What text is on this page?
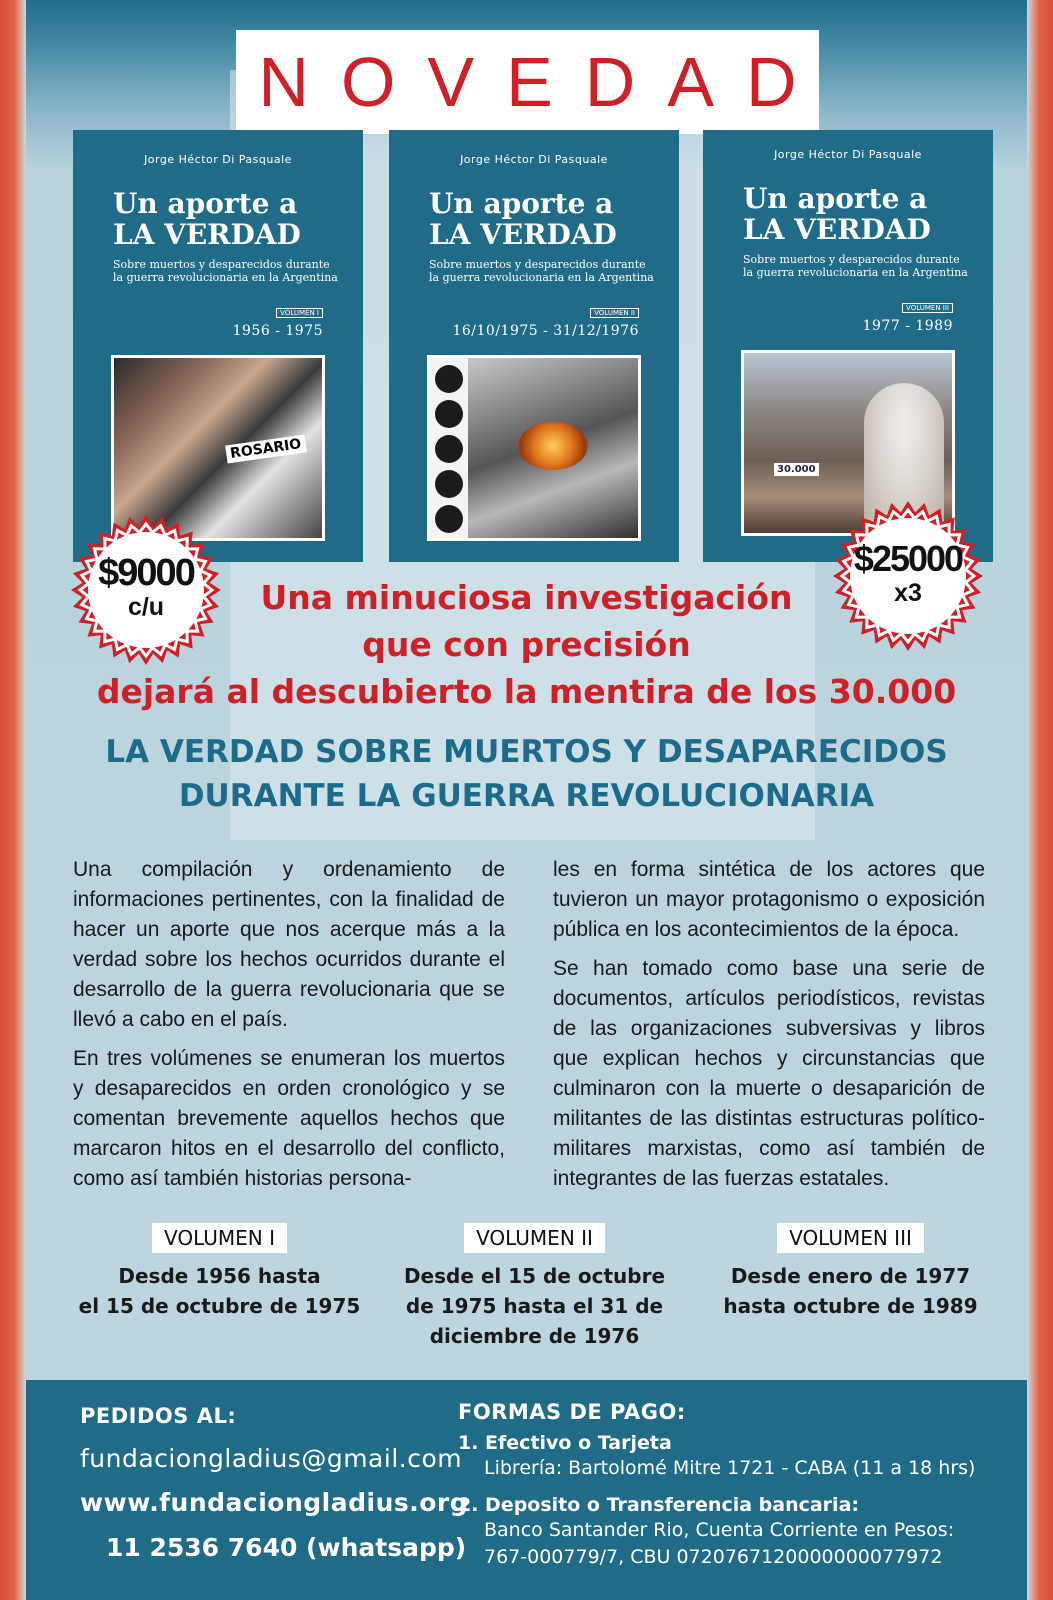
NOVEDAD
Jorge Héctor Di Pasquale
Un aporte a
LA VERDAD
Sobre muertos y desparecidos durante
la guerra revolucionaria en la Argentina
VOLUMEN I
1956 - 1975
ROSARIO
Jorge Héctor Di Pasquale
Un aporte a
LA VERDAD
Sobre muertos y desparecidos durante
la guerra revolucionaria en la Argentina
VOLUMEN II
16/10/1975 - 31/12/1976
Jorge Héctor Di Pasquale
Un aporte a
LA VERDAD
Sobre muertos y desparecidos durante
la guerra revolucionaria en la Argentina
VOLUMEN III
1977 - 1989
30.000
$9000
c/u
$25000
x3
Una minuciosa investigación
que con precisión
dejará al descubierto la mentira de los 30.000
LA VERDAD SOBRE MUERTOS Y DESAPARECIDOS
DURANTE LA GUERRA REVOLUCIONARIA

Una compilación y ordenamiento de informaciones pertinentes, con la finalidad de hacer un aporte que nos acerque más a la verdad sobre los hechos ocurridos durante el desarrollo de la guerra revolucionaria que se llevó a cabo en el país.

En tres volúmenes se enumeran los muertos y desaparecidos en orden cronológico y se comentan brevemente aquellos hechos que marcaron hitos en el desarrollo del conflicto, como así también historias persona-

les en forma sintética de los actores que tuvieron un mayor protagonismo o exposición pública en los acontecimientos de la época.

Se han tomado como base una serie de documentos, artículos periodísticos, revistas de las organizaciones subversivas y libros que explican hechos y circunstancias que culminaron con la muerte o desaparición de militantes de las distintas estructuras político-militares marxistas, como así también de integrantes de las fuerzas estatales.

VOLUMEN I
Desde 1956 hasta
el 15 de octubre de 1975
VOLUMEN II
Desde el 15 de octubre
de 1975 hasta el 31 de
diciembre de 1976
VOLUMEN III
Desde enero de 1977
hasta octubre de 1989
PEDIDOS AL:
fundaciongladius@gmail.com
www.fundaciongladius.org
11 2536 7640 (whatsapp)
FORMAS DE PAGO:
1. Efectivo o Tarjeta
Librería: Bartolomé Mitre 1721 - CABA (11 a 18 hrs)
2. Deposito o Transferencia bancaria:
Banco Santander Rio, Cuenta Corriente en Pesos:
767-000779/7, CBU 0720767120000000077972
